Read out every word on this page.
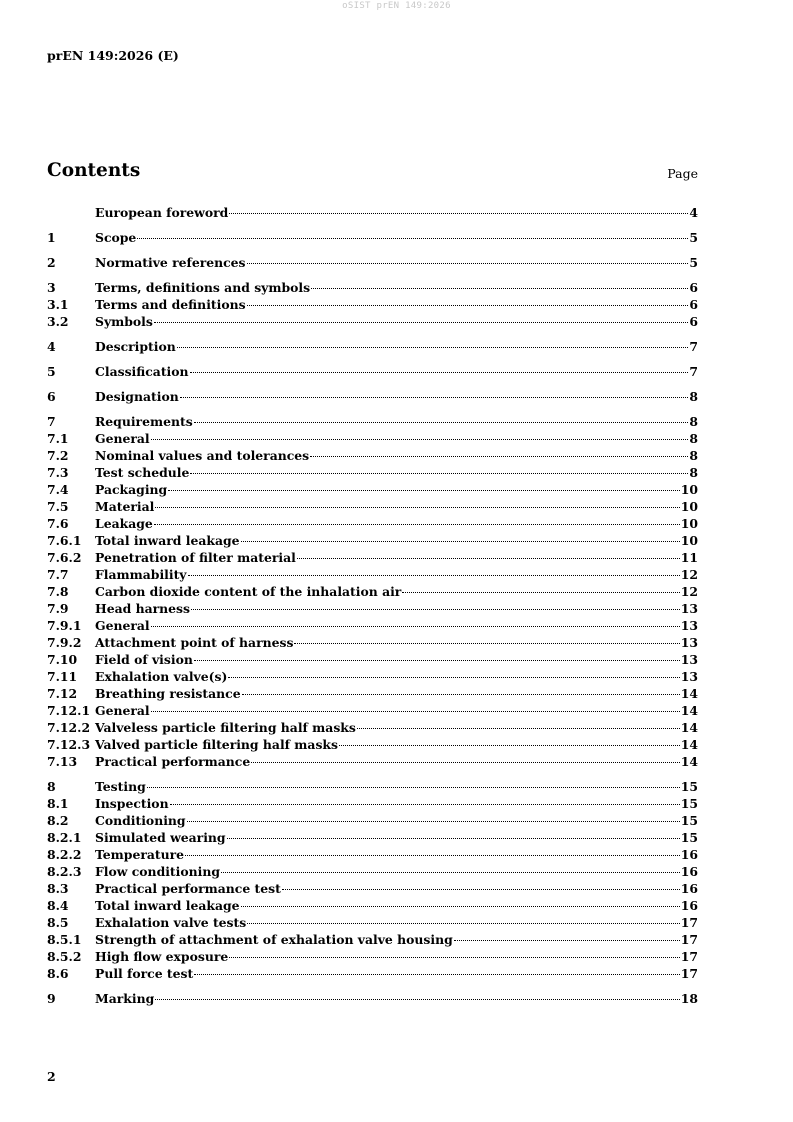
oSIST prEN 149:2026
prEN 149:2026 (E)
Contents	Page
European foreword	4
1	Scope	5
2	Normative references	5
3	Terms, definitions and symbols	6
3.1	Terms and definitions	6
3.2	Symbols	6
4	Description	7
5	Classification	7
6	Designation	8
7	Requirements	8
7.1	General	8
7.2	Nominal values and tolerances	8
7.3	Test schedule	8
7.4	Packaging	10
7.5	Material	10
7.6	Leakage	10
7.6.1	Total inward leakage	10
7.6.2	Penetration of filter material	11
7.7	Flammability	12
7.8	Carbon dioxide content of the inhalation air	12
7.9	Head harness	13
7.9.1	General	13
7.9.2	Attachment point of harness	13
7.10	Field of vision	13
7.11	Exhalation valve(s)	13
7.12	Breathing resistance	14
7.12.1 General	14
7.12.2 Valveless particle filtering half masks	14
7.12.3 Valved particle filtering half masks	14
7.13	Practical performance	14
8	Testing	15
8.1	Inspection	15
8.2	Conditioning	15
8.2.1	Simulated wearing	15
8.2.2	Temperature	16
8.2.3	Flow conditioning	16
8.3	Practical performance test	16
8.4	Total inward leakage	16
8.5	Exhalation valve tests	17
8.5.1	Strength of attachment of exhalation valve housing	17
8.5.2	High flow exposure	17
8.6	Pull force test	17
9	Marking	18
2
